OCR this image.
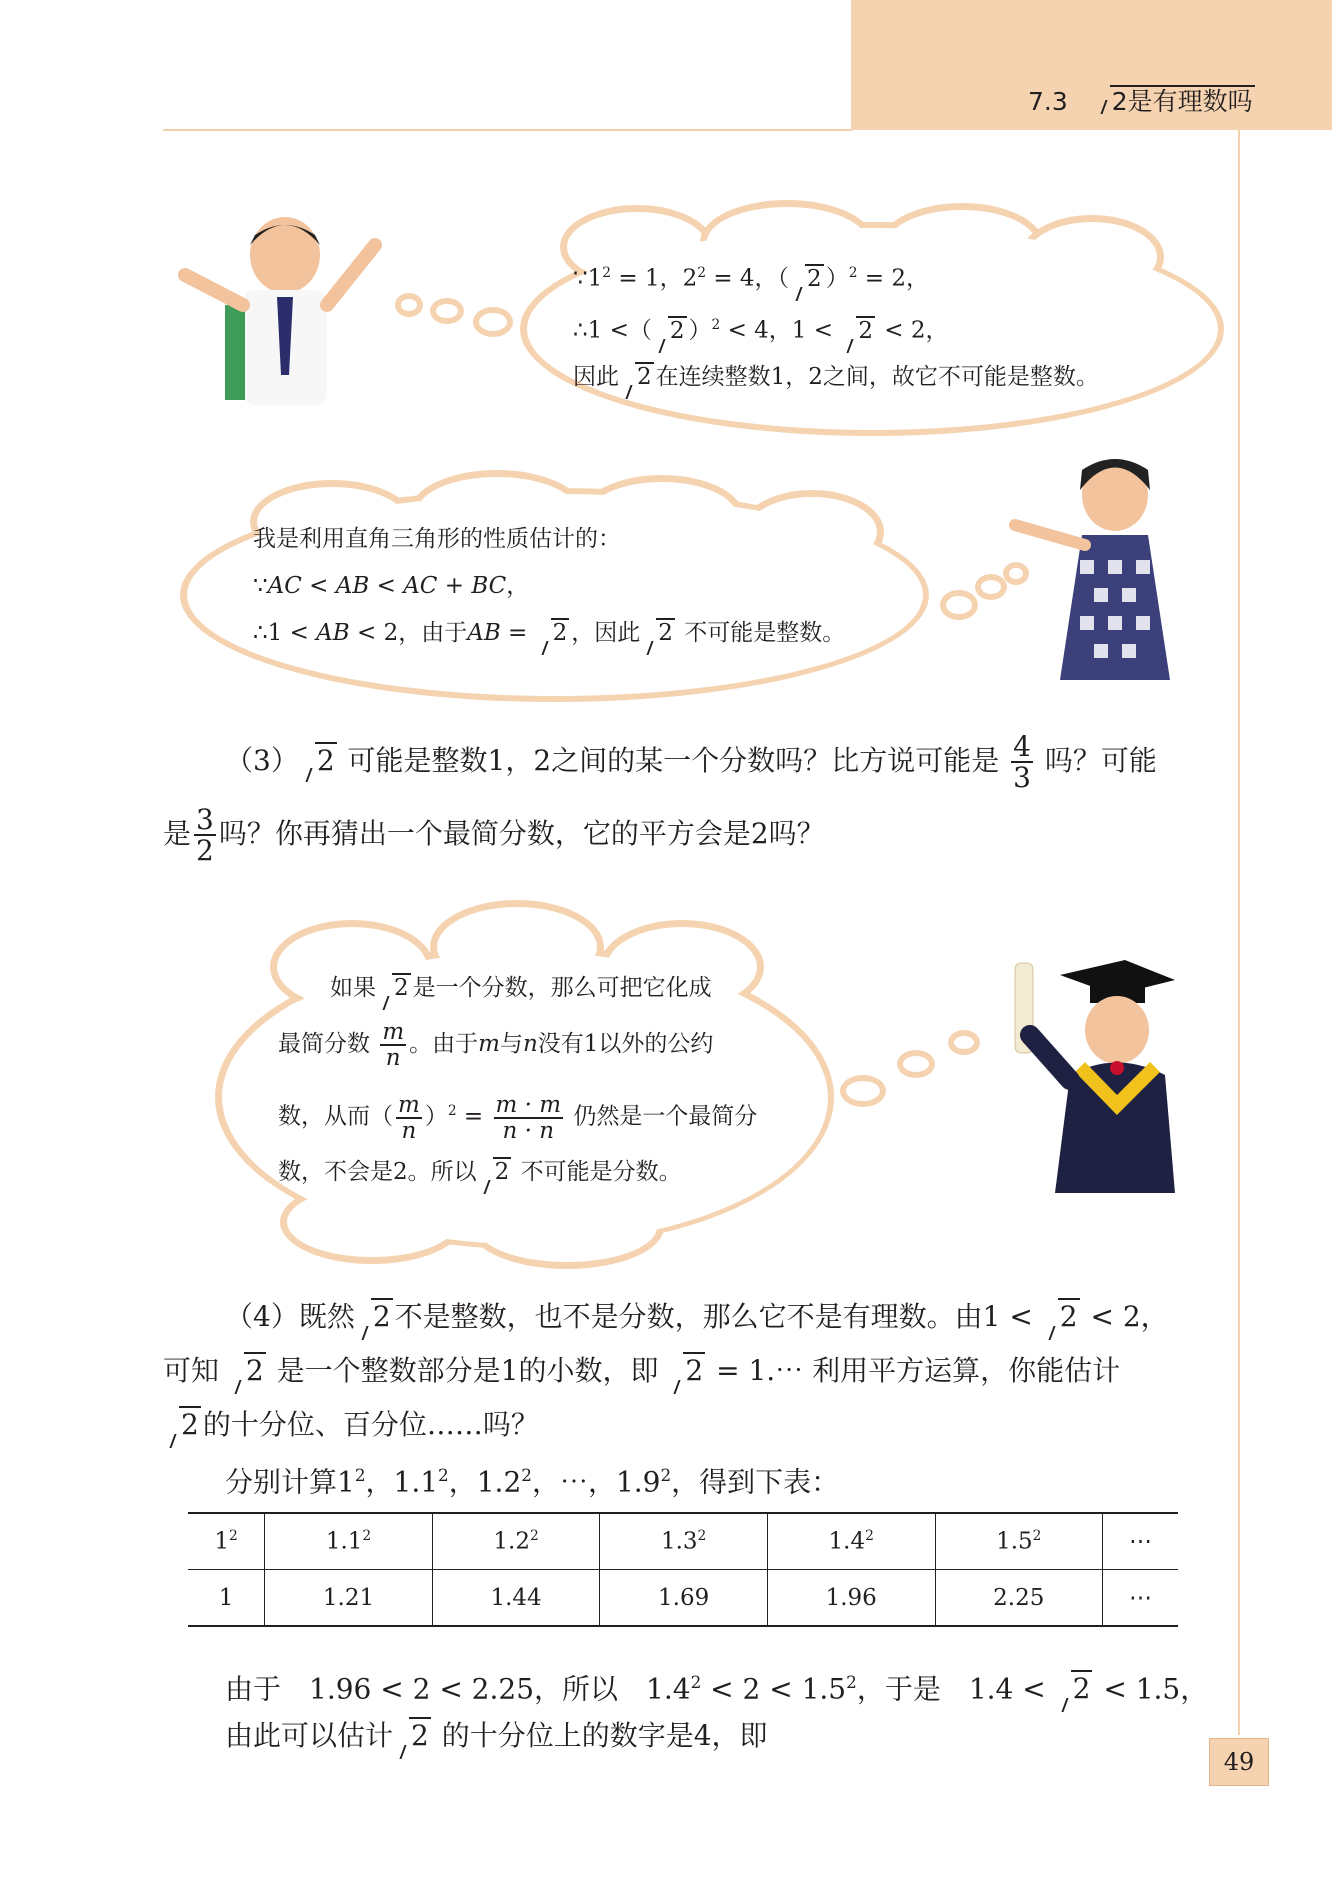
7.3 2是有理数吗
$\because 1^2 = 1$，$2^2 = 4$，（ 2 ）$^2$ = 2，
∴1 <（ 2 ）$^2$ < 4，1 < 2 < 2，
因此 2 在连续整数1，2之间，故它不可能是整数。
我是利用直角三角形的性质估计的：
∵AC < AB < AC + BC，
∴1 < AB < 2，由于AB = 2 ，因此 2 不可能是整数。
（3） 2 可能是整数1，2之间的某一个分数吗？比方说可能是 $\frac{4}{3}$ 吗？可能
是 $\frac{3}{2}$ 吗？你再猜出一个最简分数，它的平方会是2吗？
如果 2 是一个分数，那么可把它化成
最简分数 $\frac{m}{n}$ 。由于m与n没有1以外的公约
数，从而（ $\frac{m}{n} )^2 = \frac{m \cdot m}{n \cdot n}$ 仍然是一个最简分
数，不会是2。所以 2 不可能是分数。
（4）既然 2 不是整数，也不是分数，那么它不是有理数。由1 < 2 < 2，
可知 2 是一个整数部分是1的小数，即 2 = 1.⋯ 利用平方运算，你能估计
2 的十分位、百分位……吗？
分别计算$1^2$，$1.1^2$，$1.2^2$，⋯，$1.9^2$，得到下表：
$1^2$	$1.1^2$	$1.2^2$	$1.3^2$	$1.4^2$	$1.5^2$	⋯
1	1.21	1.44	1.69	1.96	2.25	⋯
由于　1.96 < 2 < 2.25，所以　$1.4^2 < 2 < 1.5^2$，于是　1.4 < 2 < 1.5，
由此可以估计 2 的十分位上的数字是4，即
49
